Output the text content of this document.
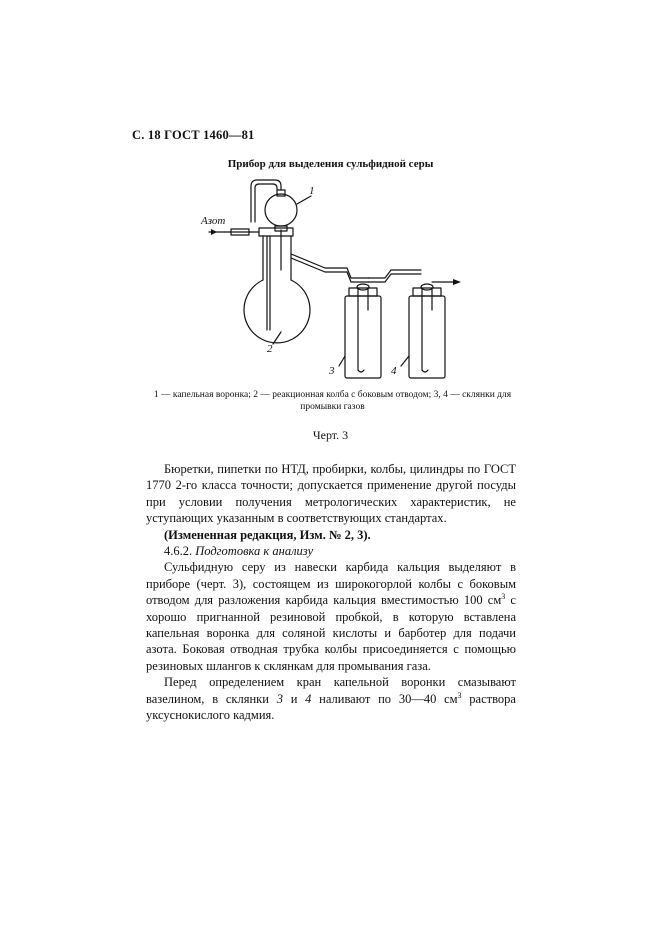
С. 18 ГОСТ 1460—81
Прибор для выделения сульфидной серы
Азот
1
2
3	4
1 — капельная воронка; 2 — реакционная колба с боковым отводом; 3, 4 — склянки для промывки газов
Черт. 3

Бюретки, пипетки по НТД, пробирки, колбы, цилиндры по ГОСТ 1770 2-го класса точности; допускается применение другой посуды при условии получения метрологических характеристик, не уступающих указанным в соответствующих стандартах.

(Измененная редакция, Изм. № 2, 3).

4.6.2. Подготовка к анализу

Сульфидную серу из навески карбида кальция выделяют в приборе (черт. 3), состоящем из широкогорлой колбы с боковым отводом для разложения карбида кальция вместимостью 100 $см^3$ с хорошо пригнанной резиновой пробкой, в которую вставлена капельная воронка для соляной кислоты и барботер для подачи азота. Боковая отводная трубка колбы присоединяется с помощью резиновых шлангов к склянкам для промывания газа.

Перед определением кран капельной воронки смазывают вазелином, в склянки 3 и 4 наливают по 30—40 $см^3$ раствора уксуснокислого кадмия.
